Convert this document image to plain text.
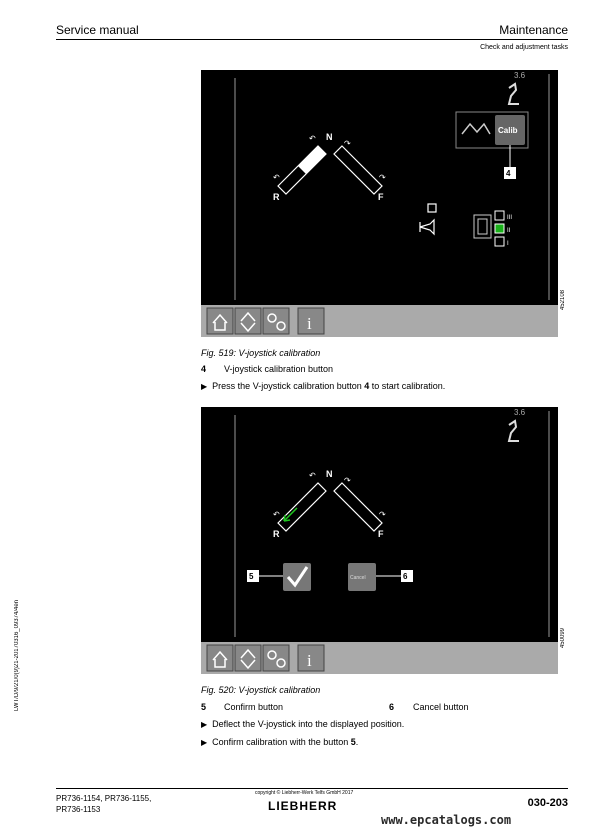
Service manual	Maintenance
Check and adjustment tasks
3.6
N
R	F
↶
↷
↶	↷
Calib
4
III
II
I
i
452108
Fig. 519: V-joystick calibration
4 V-joystick calibration button
▶ Press the V-joystick calibration button 4 to start calibration.
3.6
N
R	F
↶
↷
↶	↷
5	Cancel	6
i
450099
Fig. 520: V-joystick calibration
5 Confirm button	6 Cancel button
▶ Deflect the V-joystick into the displayed position.
▶ Confirm calibration with the button 5.
LWT/D/9/21/0(9)21-20170316_09374/4en
PR736-1154, PR736-1155,
PR736-1153
copyright © Liebherr-Werk Telfs GmbH 2017
LIEBHERR	030-203
www.epcatalogs.com
